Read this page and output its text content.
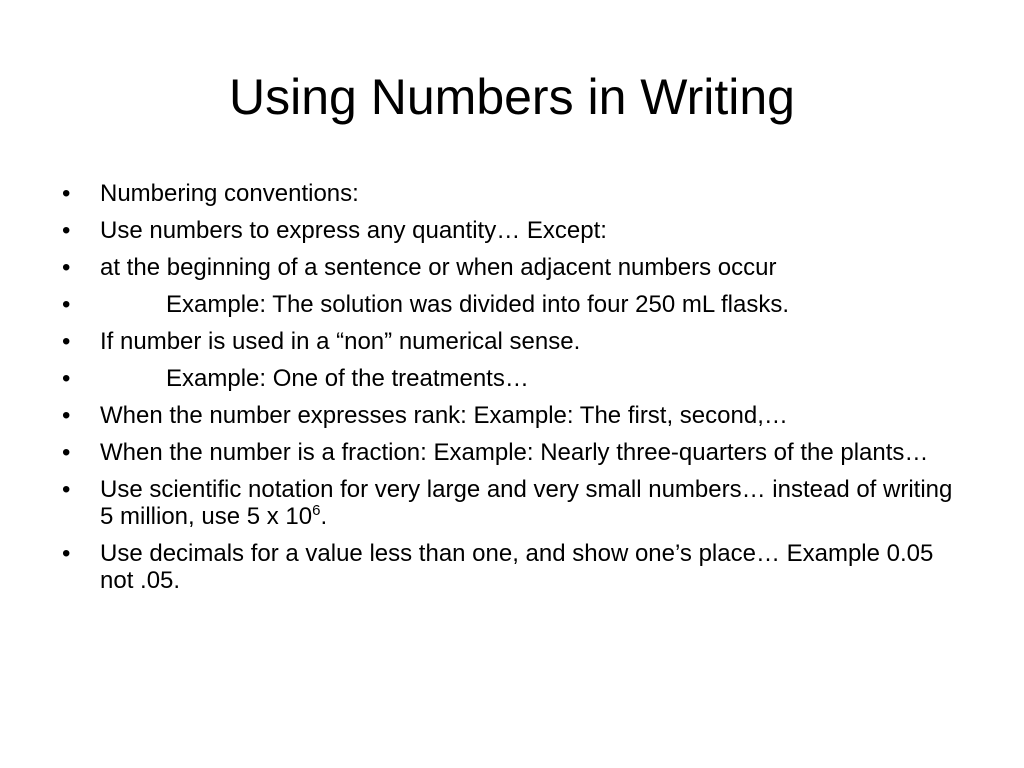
Using Numbers in Writing
•	Numbering conventions:
•	Use numbers to express any quantity… Except:
•	at the beginning of a sentence or when adjacent numbers occur
•	Example: The solution was divided into four 250 mL flasks.
•	If number is used in a “non” numerical sense.
•	Example: One of the treatments…
•	When the number expresses rank: Example: The first, second,…
•	When the number is a fraction: Example: Nearly three-quarters of the plants…
•	Use scientific notation for very large and very small numbers… instead of writing 5 million, use 5 x $10^6$.
•	Use decimals for a value less than one, and show one’s place… Example 0.05 not .05.
